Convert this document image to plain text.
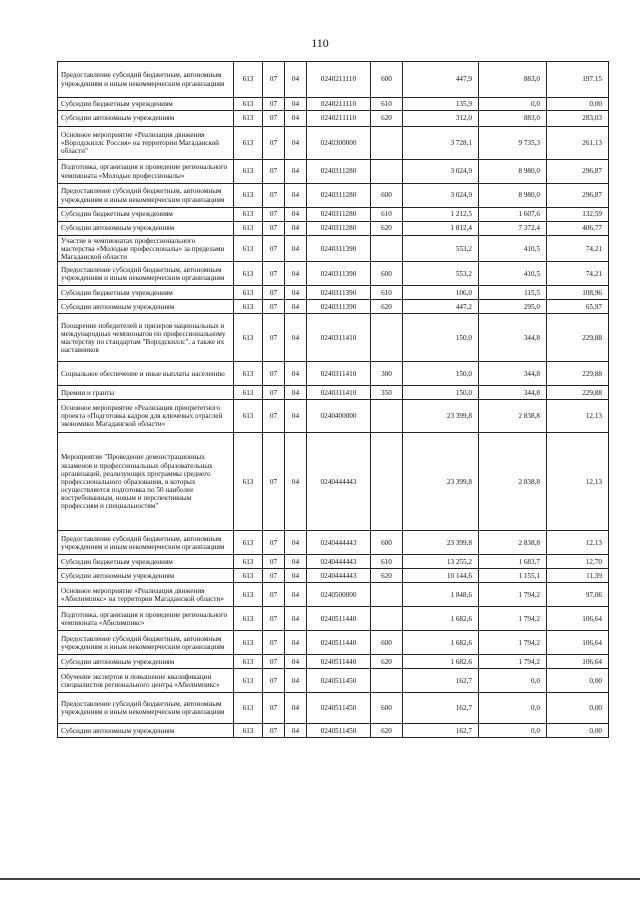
110
Предоставление субсидий бюджетным, автономным учреждениям и иным некоммерческим организациям	613	07	04	0240211110	600	447,9	883,0	197,15
Субсидии бюджетным учреждениям	613	07	04	0240211110	610	135,9	0,0	0,00
Субсидии автономным учреждениям	613	07	04	0240211110	620	312,0	883,0	283,03
Основное мероприятие «Реализация движения «Ворлдскиллс Россия» на территории Магаданской области"	613	07	04	0240300000		3 728,1	9 735,3	261,13
Подготовка, организация и проведение регионального чемпионата «Молодые профессионалы»	613	07	04	0240311280		3 024,9	8 980,0	296,87
Предоставление субсидий бюджетным, автономным учреждениям и иным некоммерческим организациям	613	07	04	0240311280	600	3 024,9	8 980,0	296,87
Субсидии бюджетным учреждениям	613	07	04	0240311280	610	1 212,5	1 607,6	132,59
Субсидии автономным учреждениям	613	07	04	0240311280	620	1 812,4	7 372,4	406,77
Участие в чемпионатах профессионального мастерства «Молодые профессионалы» за пределами Магаданской области	613	07	04	0240311390		553,2	410,5	74,21
Предоставление субсидий бюджетным, автономным учреждениям и иным некоммерческим организациям	613	07	04	0240311390	600	553,2	410,5	74,21
Субсидии бюджетным учреждениям	613	07	04	0240311390	610	106,0	115,5	108,96
Субсидии автономным учреждениям	613	07	04	0240311390	620	447,2	295,0	65,97
Поощрение победителей и призеров национальных и международных чемпионатов по профессиональному мастерству по стандартам "Ворлдскиллс", а также их наставников	613	07	04	0240311410		150,0	344,8	229,88
Социальное обеспечение и иные выплаты населению	613	07	04	0240311410	300	150,0	344,8	229,88
Премии и гранты	613	07	04	0240311410	350	150,0	344,8	229,88
Основное мероприятие «Реализация приоритетного проекта «Подготовка кадров для ключевых отраслей экономики Магаданской области»	613	07	04	0240400000		23 399,8	2 838,8	12,13
Мероприятие "Проведение демонстрационных экзаменов и профессиональных образовательных организаций, реализующих программы среднего профессионального образования, в которых осуществляется подготовка по 50 наиболее востребованным, новым и перспективным профессиям и специальностям"	613	07	04	0240444443		23 399,8	2 838,8	12,13
Предоставление субсидий бюджетным, автономным учреждениям и иным некоммерческим организациям	613	07	04	0240444443	600	23 399,8	2 838,8	12,13
Субсидии бюджетным учреждениям	613	07	04	0240444443	610	13 255,2	1 683,7	12,70
Субсидии автономным учреждениям	613	07	04	0240444443	620	10 144,6	1 155,1	11,39
Основное мероприятие «Реализация движения «Абилимпикс» на территории Магаданской области»	613	07	04	0240500000		1 848,6	1 794,2	97,06
Подготовка, организация и проведение регионального чемпионата «Абилимпикс»	613	07	04	0240511440		1 682,6	1 794,2	106,64
Предоставление субсидий бюджетным, автономным учреждениям и иным некоммерческим организациям	613	07	04	0240511440	600	1 682,6	1 794,2	106,64
Субсидии автономным учреждениям	613	07	04	0240511440	620	1 682,6	1 794,2	106,64
Обучение экспертов и повышение квалификации специалистов регионального центра «Абилимпикс»	613	07	04	0240511450		162,7	0,0	0,00
Предоставление субсидий бюджетным, автономным учреждениям и иным некоммерческим организациям	613	07	04	0240511450	600	162,7	0,0	0,00
Субсидии автономным учреждениям	613	07	04	0240511450	620	162,7	0,0	0,00
